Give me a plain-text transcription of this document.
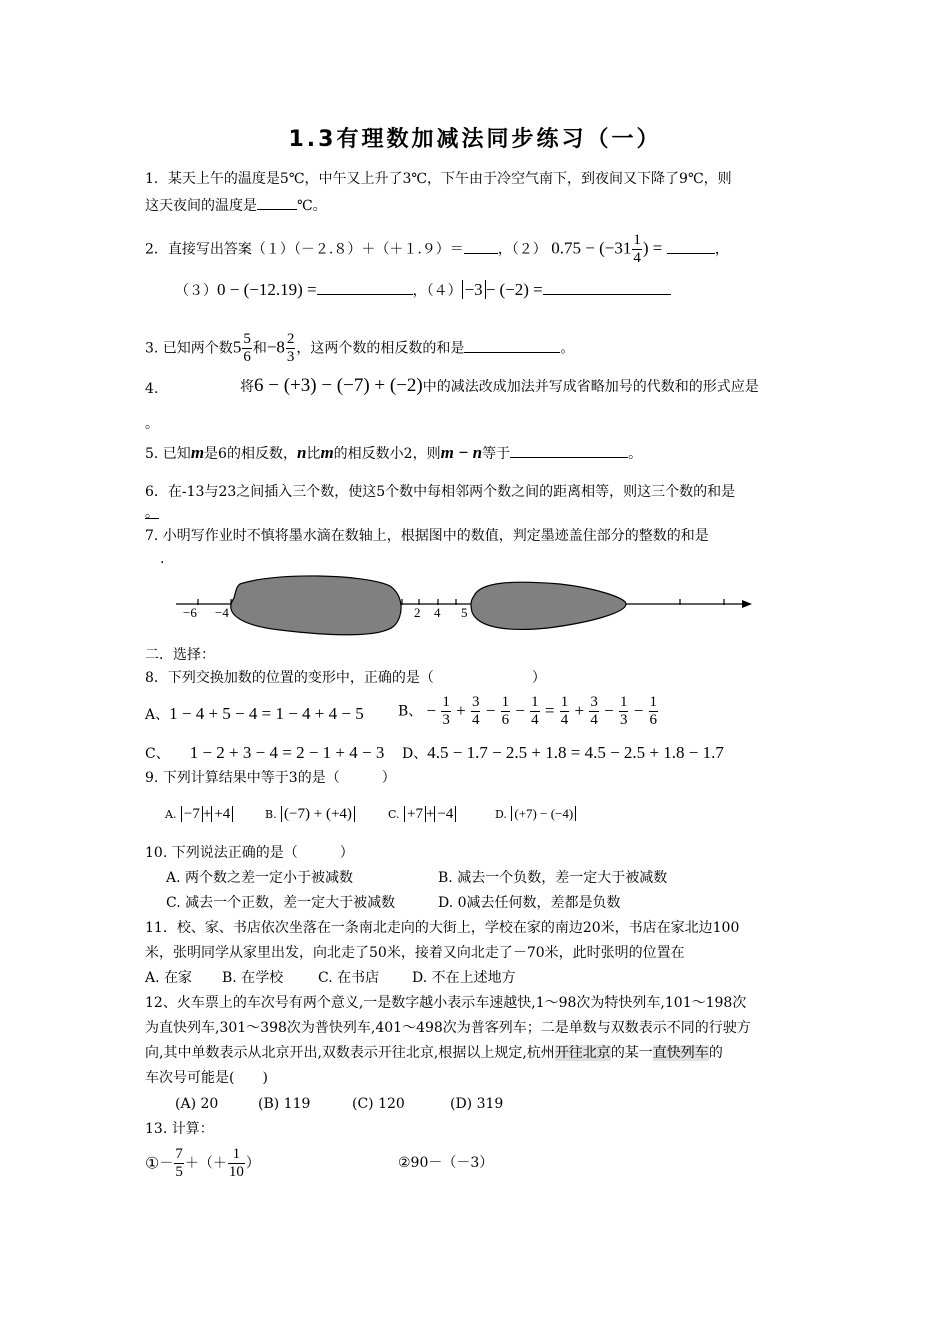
1.3有理数加减法同步练习（一）
1．某天上午的温度是5℃，中午又上升了3℃，下午由于冷空气南下，到夜间又下降了9℃，则
这天夜间的温度是	℃。
2．直接写出答案（１）（－２.８）＋（＋１.９）＝ ，（２） $0.75 - (-31 \frac{1}{4}$ ) =	，
（３）0 − (−12.19) =	，（４） −3 − (−2) =
3. 已知两个数$5 \frac{5}{6}$ 和$-8 \frac{2}{3}$ ，这两个数的相反数的和是	。
4.	将6 − (+3) − (−7) + (−2)中的减法改成加法并写成省略加号的代数和的形式应是
。
5. 已知m是6的相反数，n比m的相反数小2，则m − n等于	。
6．在-13与23之间插入三个数，使这5个数中每相邻两个数之间的距离相等，则这三个数的和是
。
7. 小明写作业时不慎将墨水滴在数轴上，根据图中的数值，判定墨迹盖住部分的整数的和是
.
−6 −4	2 4 5
二．选择：
8．下列交换加数的位置的变形中，正确的是（　　　　　　　）
A、1 − 4 + 5 − 4 = 1 − 4 + 4 − 5 B、 − $\frac{1}{3} + \frac{3}{4} - \frac{1}{6} - \frac{1}{4} = \frac{1}{4} + \frac{3}{4} - \frac{1}{3} - \frac{1}{6}$
C、 1 − 2 + 3 − 4 = 2 − 1 + 4 − 3 D、4.5 − 1.7 − 2.5 + 1.8 = 4.5 − 2.5 + 1.8 − 1.7
9. 下列计算结果中等于3的是（　　　）
A. −7 + +4	B. (−7) + (+4)	C. +7 + −4	D. (+7) − (−4)
10. 下列说法正确的是（　　　）
A. 两个数之差一定小于被减数	B. 减去一个负数，差一定大于被减数
C. 减去一个正数，差一定大于被减数	D. 0减去任何数，差都是负数
11．校、家、书店依次坐落在一条南北走向的大街上，学校在家的南边20米，书店在家北边100
米，张明同学从家里出发，向北走了50米，接着又向北走了－70米，此时张明的位置在
A. 在家 B. 在学校 C. 在书店 D. 不在上述地方
12、火车票上的车次号有两个意义,一是数字越小表示车速越快,1～98次为特快列车,101～198次
为直快列车,301～398次为普快列车,401～498次为普客列车；二是单数与双数表示不同的行驶方
向,其中单数表示从北京开出,双数表示开往北京,根据以上规定,杭州开往北京的某一直快列车的
车次号可能是(　　)
(A) 20	(B) 119	(C) 120	(D) 319
13. 计算：
①－ $\frac{7}{5}$ ＋（＋ $\frac{1}{10}$ ）	②90－（－3）
